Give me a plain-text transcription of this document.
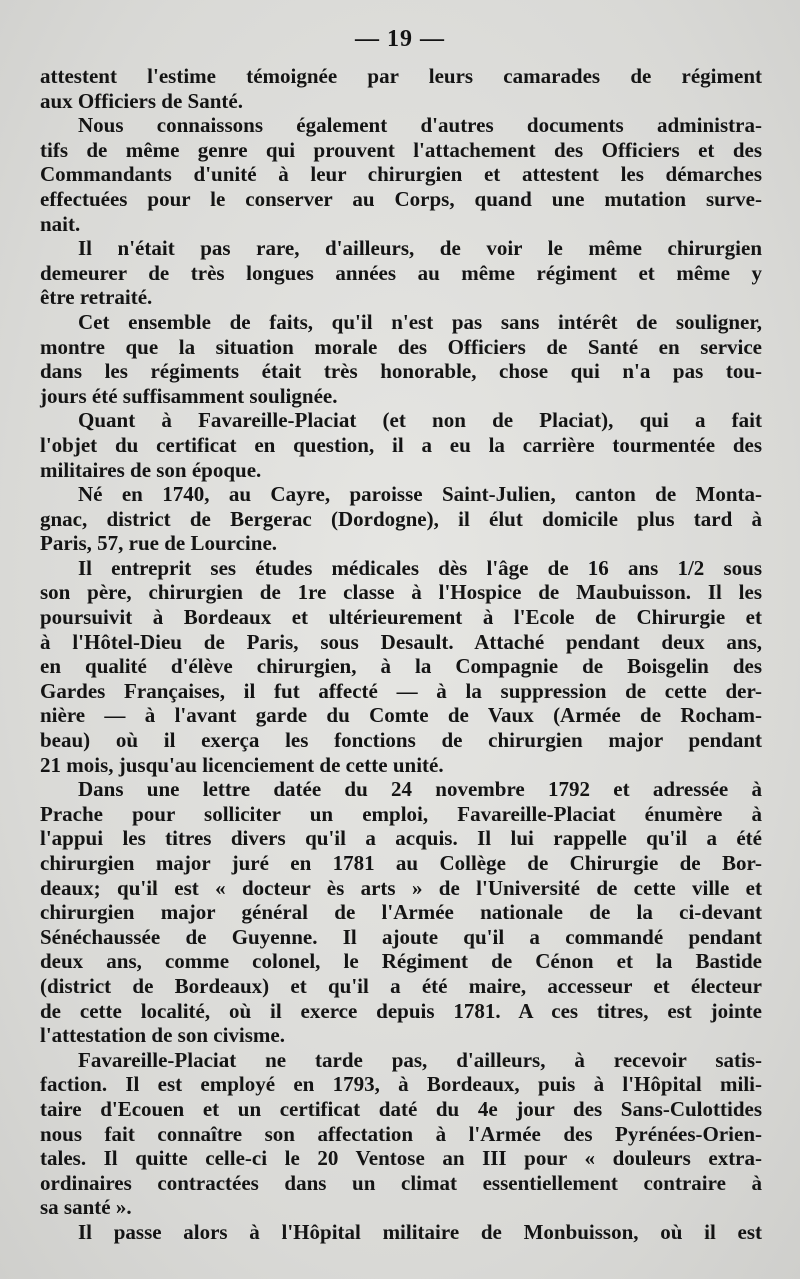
— 19 —
attestent l'estime témoignée par leurs camarades de régiment
aux Officiers de Santé.
Nous connaissons également d'autres documents administra-
tifs de même genre qui prouvent l'attachement des Officiers et des
Commandants d'unité à leur chirurgien et attestent les démarches
effectuées pour le conserver au Corps, quand une mutation surve-
nait.
Il n'était pas rare, d'ailleurs, de voir le même chirurgien
demeurer de très longues années au même régiment et même y
être retraité.
Cet ensemble de faits, qu'il n'est pas sans intérêt de souligner,
montre que la situation morale des Officiers de Santé en service
dans les régiments était très honorable, chose qui n'a pas tou-
jours été suffisamment soulignée.
Quant à Favareille-Placiat (et non de Placiat), qui a fait
l'objet du certificat en question, il a eu la carrière tourmentée des
militaires de son époque.
Né en 1740, au Cayre, paroisse Saint-Julien, canton de Monta-
gnac, district de Bergerac (Dordogne), il élut domicile plus tard à
Paris, 57, rue de Lourcine.
Il entreprit ses études médicales dès l'âge de 16 ans 1/2 sous
son père, chirurgien de 1re classe à l'Hospice de Maubuisson. Il les
poursuivit à Bordeaux et ultérieurement à l'Ecole de Chirurgie et
à l'Hôtel-Dieu de Paris, sous Desault. Attaché pendant deux ans,
en qualité d'élève chirurgien, à la Compagnie de Boisgelin des
Gardes Françaises, il fut affecté — à la suppression de cette der-
nière — à l'avant garde du Comte de Vaux (Armée de Rocham-
beau) où il exerça les fonctions de chirurgien major pendant
21 mois, jusqu'au licenciement de cette unité.
Dans une lettre datée du 24 novembre 1792 et adressée à
Prache pour solliciter un emploi, Favareille-Placiat énumère à
l'appui les titres divers qu'il a acquis. Il lui rappelle qu'il a été
chirurgien major juré en 1781 au Collège de Chirurgie de Bor-
deaux; qu'il est « docteur ès arts » de l'Université de cette ville et
chirurgien major général de l'Armée nationale de la ci-devant
Sénéchaussée de Guyenne. Il ajoute qu'il a commandé pendant
deux ans, comme colonel, le Régiment de Cénon et la Bastide
(district de Bordeaux) et qu'il a été maire, accesseur et électeur
de cette localité, où il exerce depuis 1781. A ces titres, est jointe
l'attestation de son civisme.
Favareille-Placiat ne tarde pas, d'ailleurs, à recevoir satis-
faction. Il est employé en 1793, à Bordeaux, puis à l'Hôpital mili-
taire d'Ecouen et un certificat daté du 4e jour des Sans-Culottides
nous fait connaître son affectation à l'Armée des Pyrénées-Orien-
tales. Il quitte celle-ci le 20 Ventose an III pour « douleurs extra-
ordinaires contractées dans un climat essentiellement contraire à
sa santé ».
Il passe alors à l'Hôpital militaire de Monbuisson, où il est
